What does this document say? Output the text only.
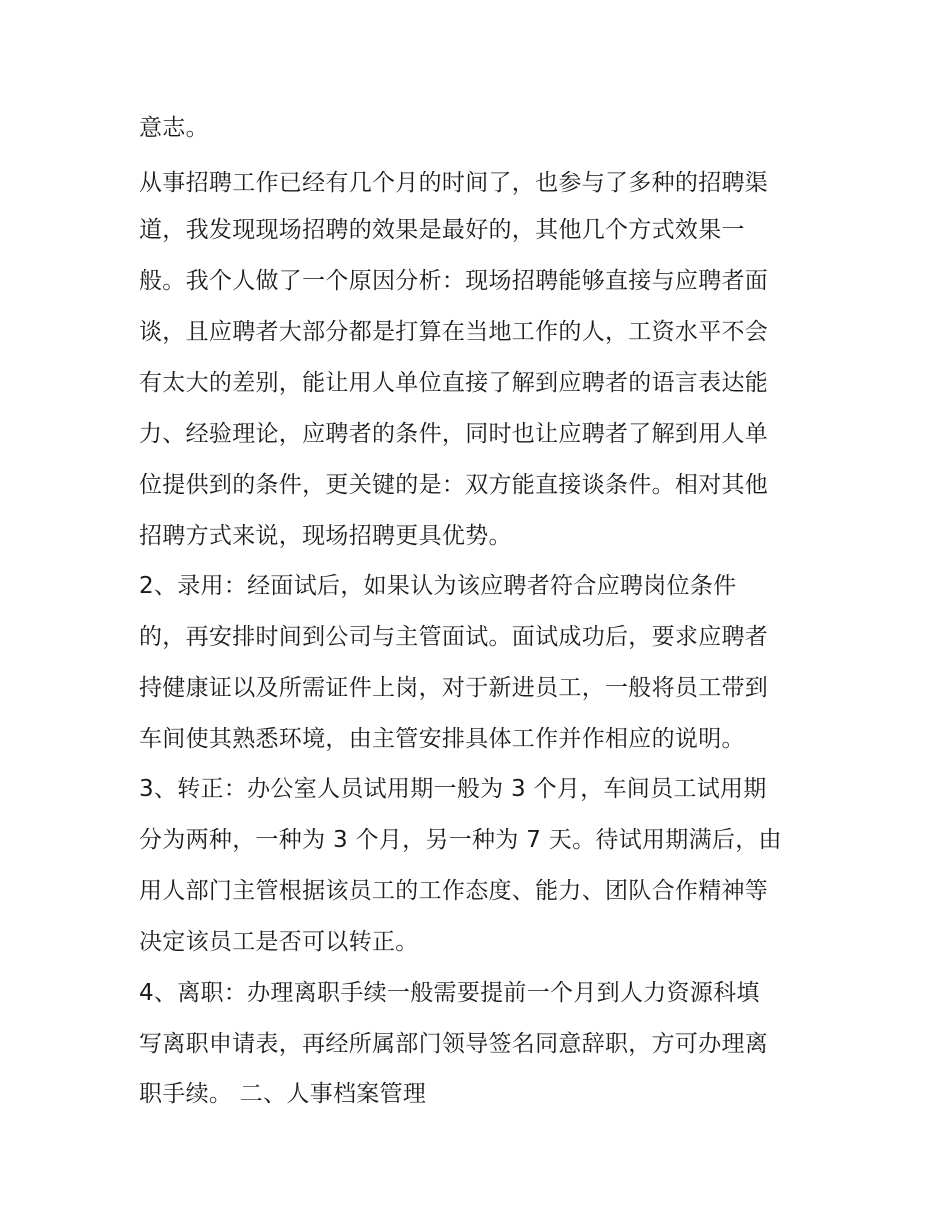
意志。
从事招聘工作已经有几个月的时间了，也参与了多种的招聘渠
道，我发现现场招聘的效果是最好的，其他几个方式效果一
般。我个人做了一个原因分析：现场招聘能够直接与应聘者面
谈，且应聘者大部分都是打算在当地工作的人，工资水平不会
有太大的差别，能让用人单位直接了解到应聘者的语言表达能
力、经验理论，应聘者的条件，同时也让应聘者了解到用人单
位提供到的条件，更关键的是：双方能直接谈条件。相对其他
招聘方式来说，现场招聘更具优势。
2、录用：经面试后，如果认为该应聘者符合应聘岗位条件
的，再安排时间到公司与主管面试。面试成功后，要求应聘者
持健康证以及所需证件上岗，对于新进员工，一般将员工带到
车间使其熟悉环境，由主管安排具体工作并作相应的说明。
3、转正：办公室人员试用期一般为 3 个月，车间员工试用期
分为两种，一种为 3 个月，另一种为 7 天。待试用期满后，由
用人部门主管根据该员工的工作态度、能力、团队合作精神等
决定该员工是否可以转正。
4、离职：办理离职手续一般需要提前一个月到人力资源科填
写离职申请表，再经所属部门领导签名同意辞职，方可办理离
职手续。 二、人事档案管理
